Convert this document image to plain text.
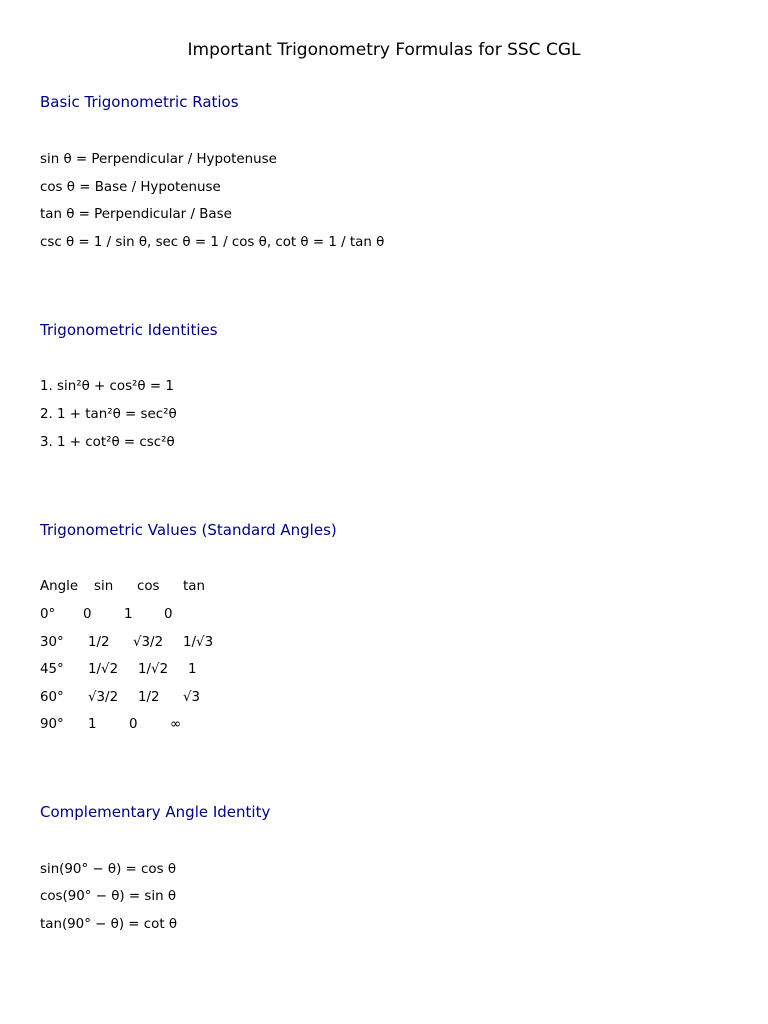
Important Trigonometry Formulas for SSC CGL
Basic Trigonometric Ratios
sin θ = Perpendicular / Hypotenuse
cos θ = Base / Hypotenuse
tan θ = Perpendicular / Base
csc θ = 1 / sin θ, sec θ = 1 / cos θ, cot θ = 1 / tan θ
Trigonometric Identities
1. sin²θ + cos²θ = 1
2. 1 + tan²θ = sec²θ
3. 1 + cot²θ = csc²θ
Trigonometric Values (Standard Angles)
Angle sin cos tan
0° 0 1 0
30° 1/2 √3/2 1/√3
45° 1/√2 1/√2 1
60° √3/2 1/2 √3
90° 1 0 ∞
Complementary Angle Identity
sin(90° − θ) = cos θ
cos(90° − θ) = sin θ
tan(90° − θ) = cot θ
